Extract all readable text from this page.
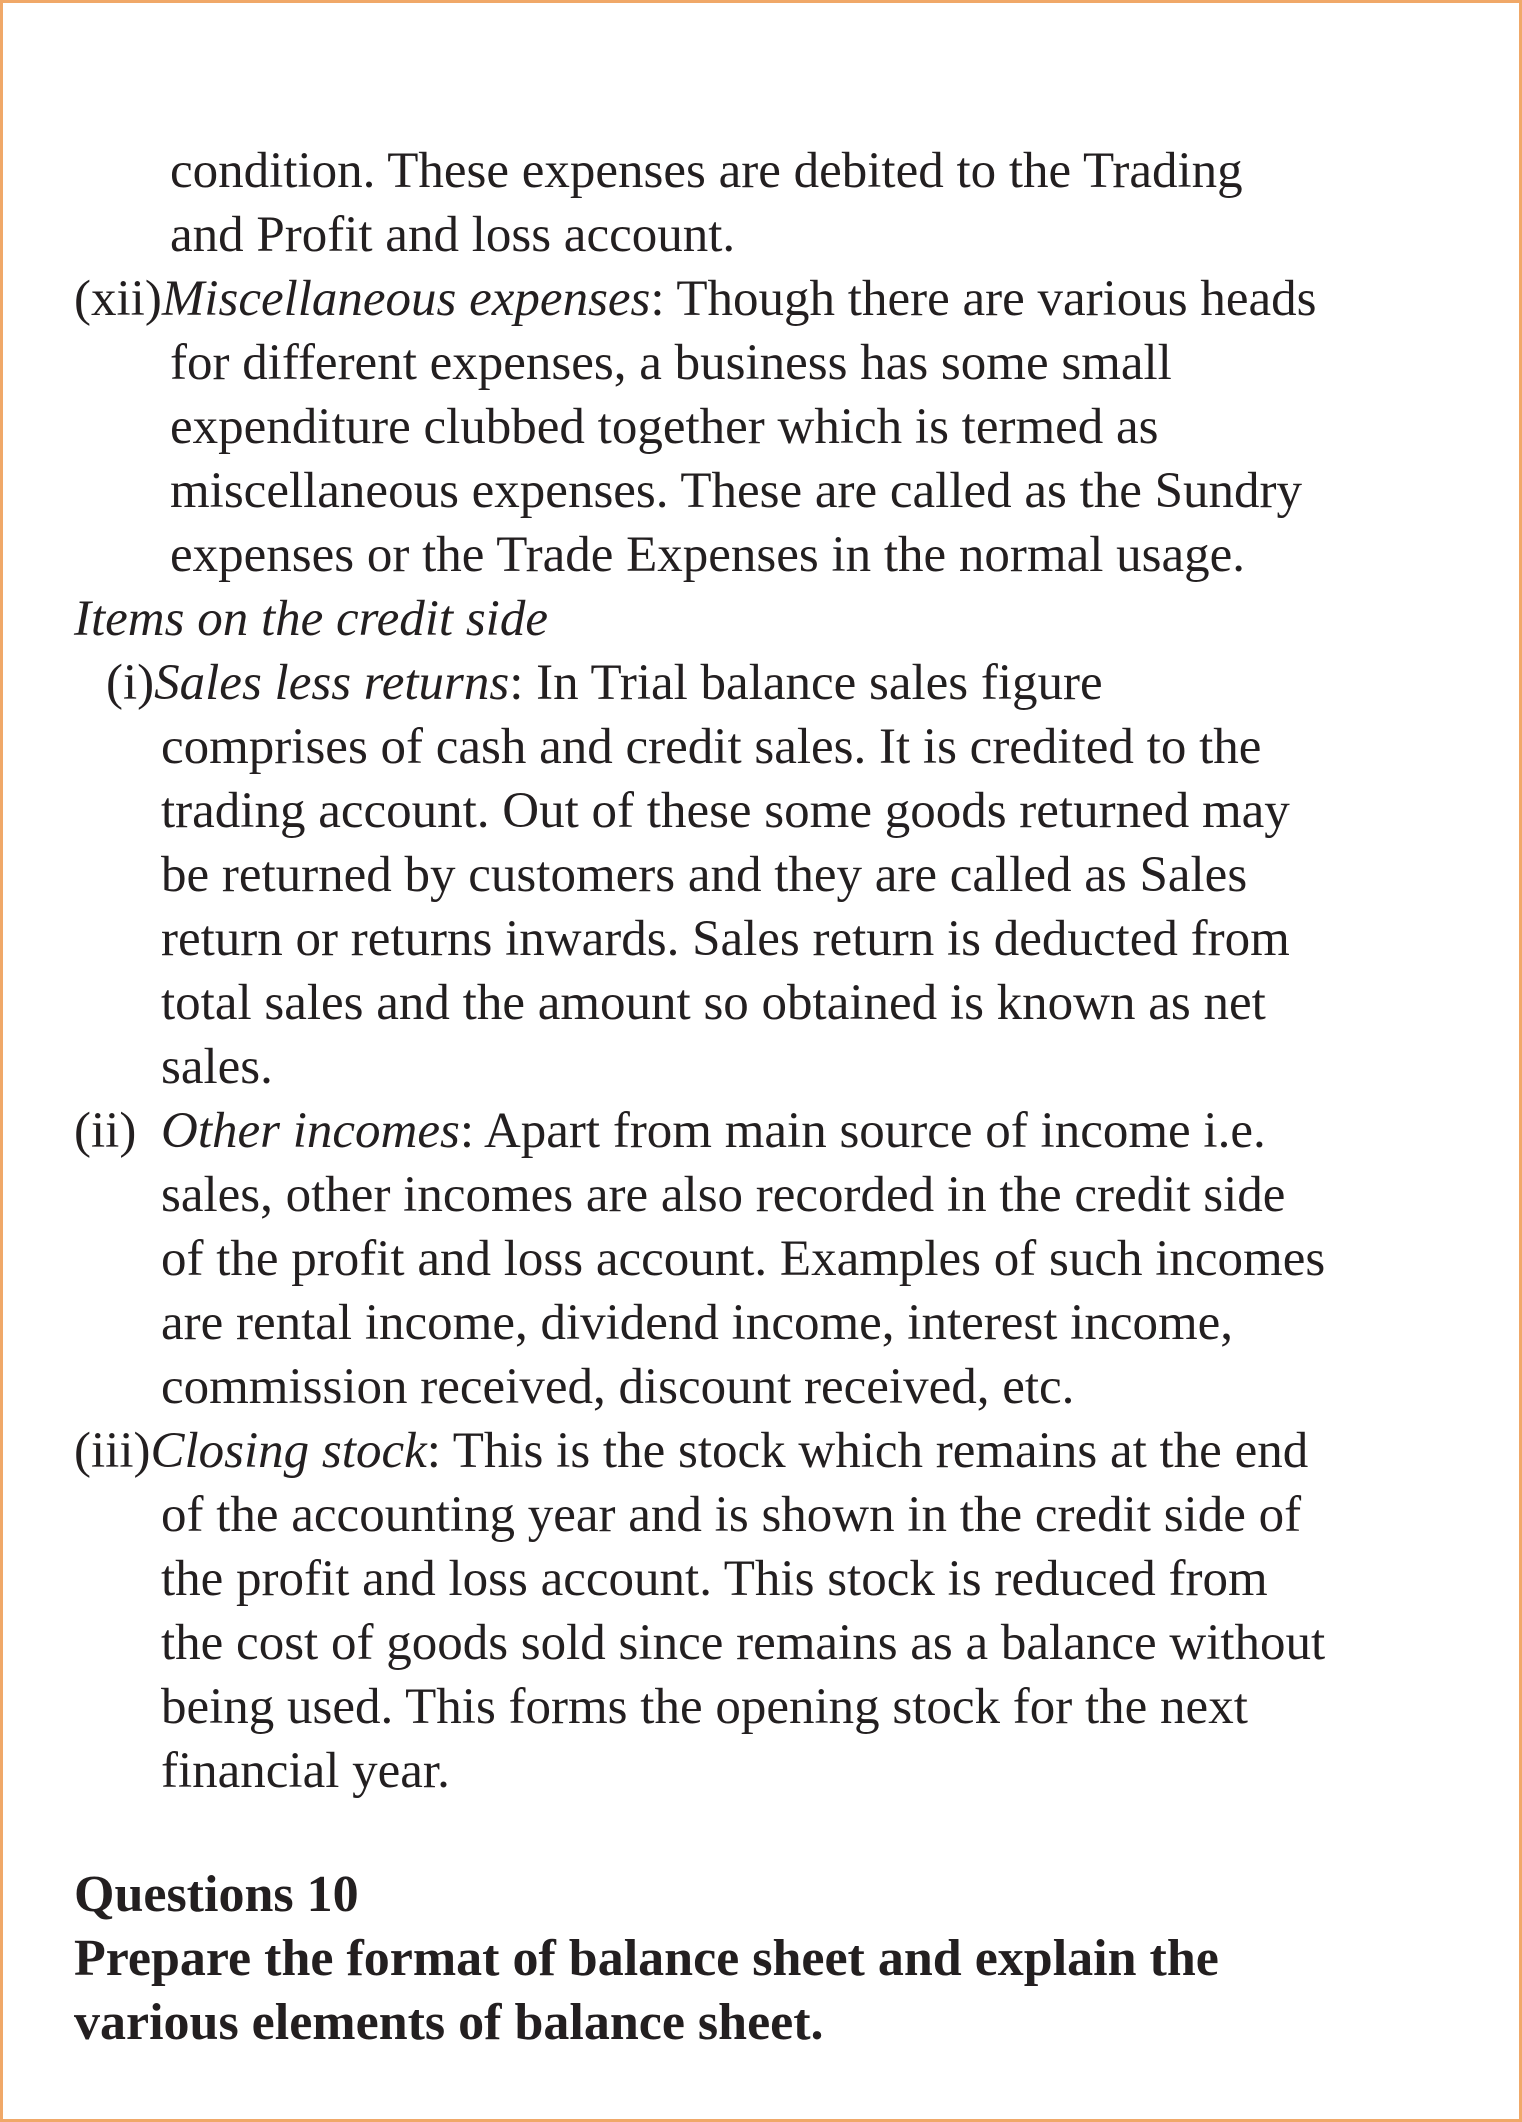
condition. These expenses are debited to the Trading
and Profit and loss account.
(xii)Miscellaneous expenses: Though there are various heads
for different expenses, a business has some small
expenditure clubbed together which is termed as
miscellaneous expenses. These are called as the Sundry
expenses or the Trade Expenses in the normal usage.
Items on the credit side
(i)Sales less returns: In Trial balance sales figure
comprises of cash and credit sales. It is credited to the
trading account. Out of these some goods returned may
be returned by customers and they are called as Sales
return or returns inwards. Sales return is deducted from
total sales and the amount so obtained is known as net
sales.
(ii) Other incomes: Apart from main source of income i.e.
sales, other incomes are also recorded in the credit side
of the profit and loss account. Examples of such incomes
are rental income, dividend income, interest income,
commission received, discount received, etc.
(iii)Closing stock: This is the stock which remains at the end
of the accounting year and is shown in the credit side of
the profit and loss account. This stock is reduced from
the cost of goods sold since remains as a balance without
being used. This forms the opening stock for the next
financial year.
Questions 10
Prepare the format of balance sheet and explain the
various elements of balance sheet.
